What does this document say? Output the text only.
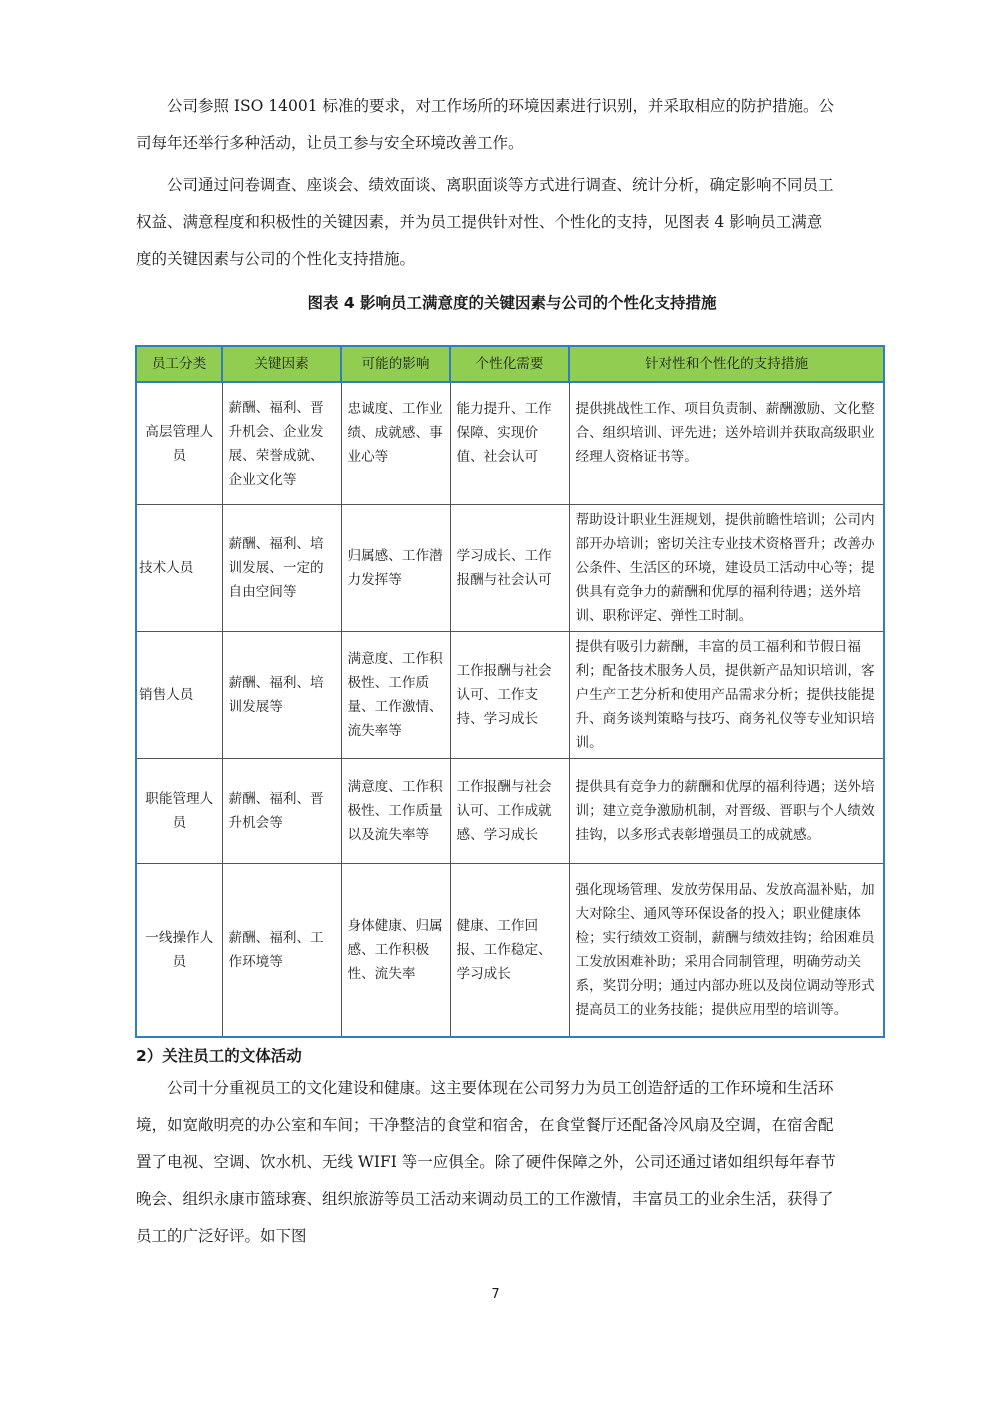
　　公司参照 ISO 14001 标准的要求，对工作场所的环境因素进行识别，并采取相应的防护措施。公
司每年还举行多种活动，让员工参与安全环境改善工作。
　　公司通过问卷调查、座谈会、绩效面谈、离职面谈等方式进行调查、统计分析，确定影响不同员工
权益、满意程度和积极性的关键因素，并为员工提供针对性、个性化的支持，见图表 4 影响员工满意
度的关键因素与公司的个性化支持措施。
图表 4 影响员工满意度的关键因素与公司的个性化支持措施
员工分类	关键因素	可能的影响	个性化需要	针对性和个性化的支持措施
高层管理人员	薪酬、福利、晋升机会、企业发展、荣誉成就、企业文化等	忠诚度、工作业绩、成就感、事业心等	能力提升、工作保障、实现价值、社会认可	提供挑战性工作、项目负责制、薪酬激励、文化整合、组织培训、评先进；送外培训并获取高级职业经理人资格证书等。
技术人员	薪酬、福利、培训发展、一定的自由空间等	归属感、工作潜力发挥等	学习成长、工作报酬与社会认可	帮助设计职业生涯规划，提供前瞻性培训；公司内部开办培训；密切关注专业技术资格晋升；改善办公条件、生活区的环境，建设员工活动中心等；提供具有竞争力的薪酬和优厚的福利待遇；送外培训、职称评定、弹性工时制。
销售人员	薪酬、福利、培训发展等	满意度、工作积极性、工作质 量、工作激情、流失率等	工作报酬与社会认可、工作支持、学习成长	提供有吸引力薪酬，丰富的员工福利和节假日福利；配备技术服务人员，提供新产品知识培训，客户生产工艺分析和使用产品需求分析；提供技能提升、商务谈判策略与技巧、商务礼仪等专业知识培训。
职能管理人员	薪酬、福利、晋升机会等	满意度、工作积极性、工作质量以及流失率等	工作报酬与社会认可、工作成就感、学习成长	提供具有竞争力的薪酬和优厚的福利待遇；送外培训；建立竞争激励机制，对晋级、晋职与个人绩效挂钩，以多形式表彰增强员工的成就感。
一线操作人员	薪酬、福利、工作环境等	身体健康、归属感、工作积极性、流失率	健康、工作回报、工作稳定、学习成长	强化现场管理、发放劳保用品、发放高温补贴，加大对除尘、通风等环保设备的投入；职业健康体检；实行绩效工资制，薪酬与绩效挂钩；给困难员工发放困难补助；采用合同制管理，明确劳动关系，奖罚分明；通过内部办班以及岗位调动等形式提高员工的业务技能；提供应用型的培训等。
2）关注员工的文体活动
　　公司十分重视员工的文化建设和健康。这主要体现在公司努力为员工创造舒适的工作环境和生活环
境，如宽敞明亮的办公室和车间；干净整洁的食堂和宿舍，在食堂餐厅还配备冷风扇及空调，在宿舍配
置了电视、空调、饮水机、无线 WIFI 等一应俱全。除了硬件保障之外，公司还通过诸如组织每年春节
晚会、组织永康市篮球赛、组织旅游等员工活动来调动员工的工作激情，丰富员工的业余生活，获得了
员工的广泛好评。如下图
7
